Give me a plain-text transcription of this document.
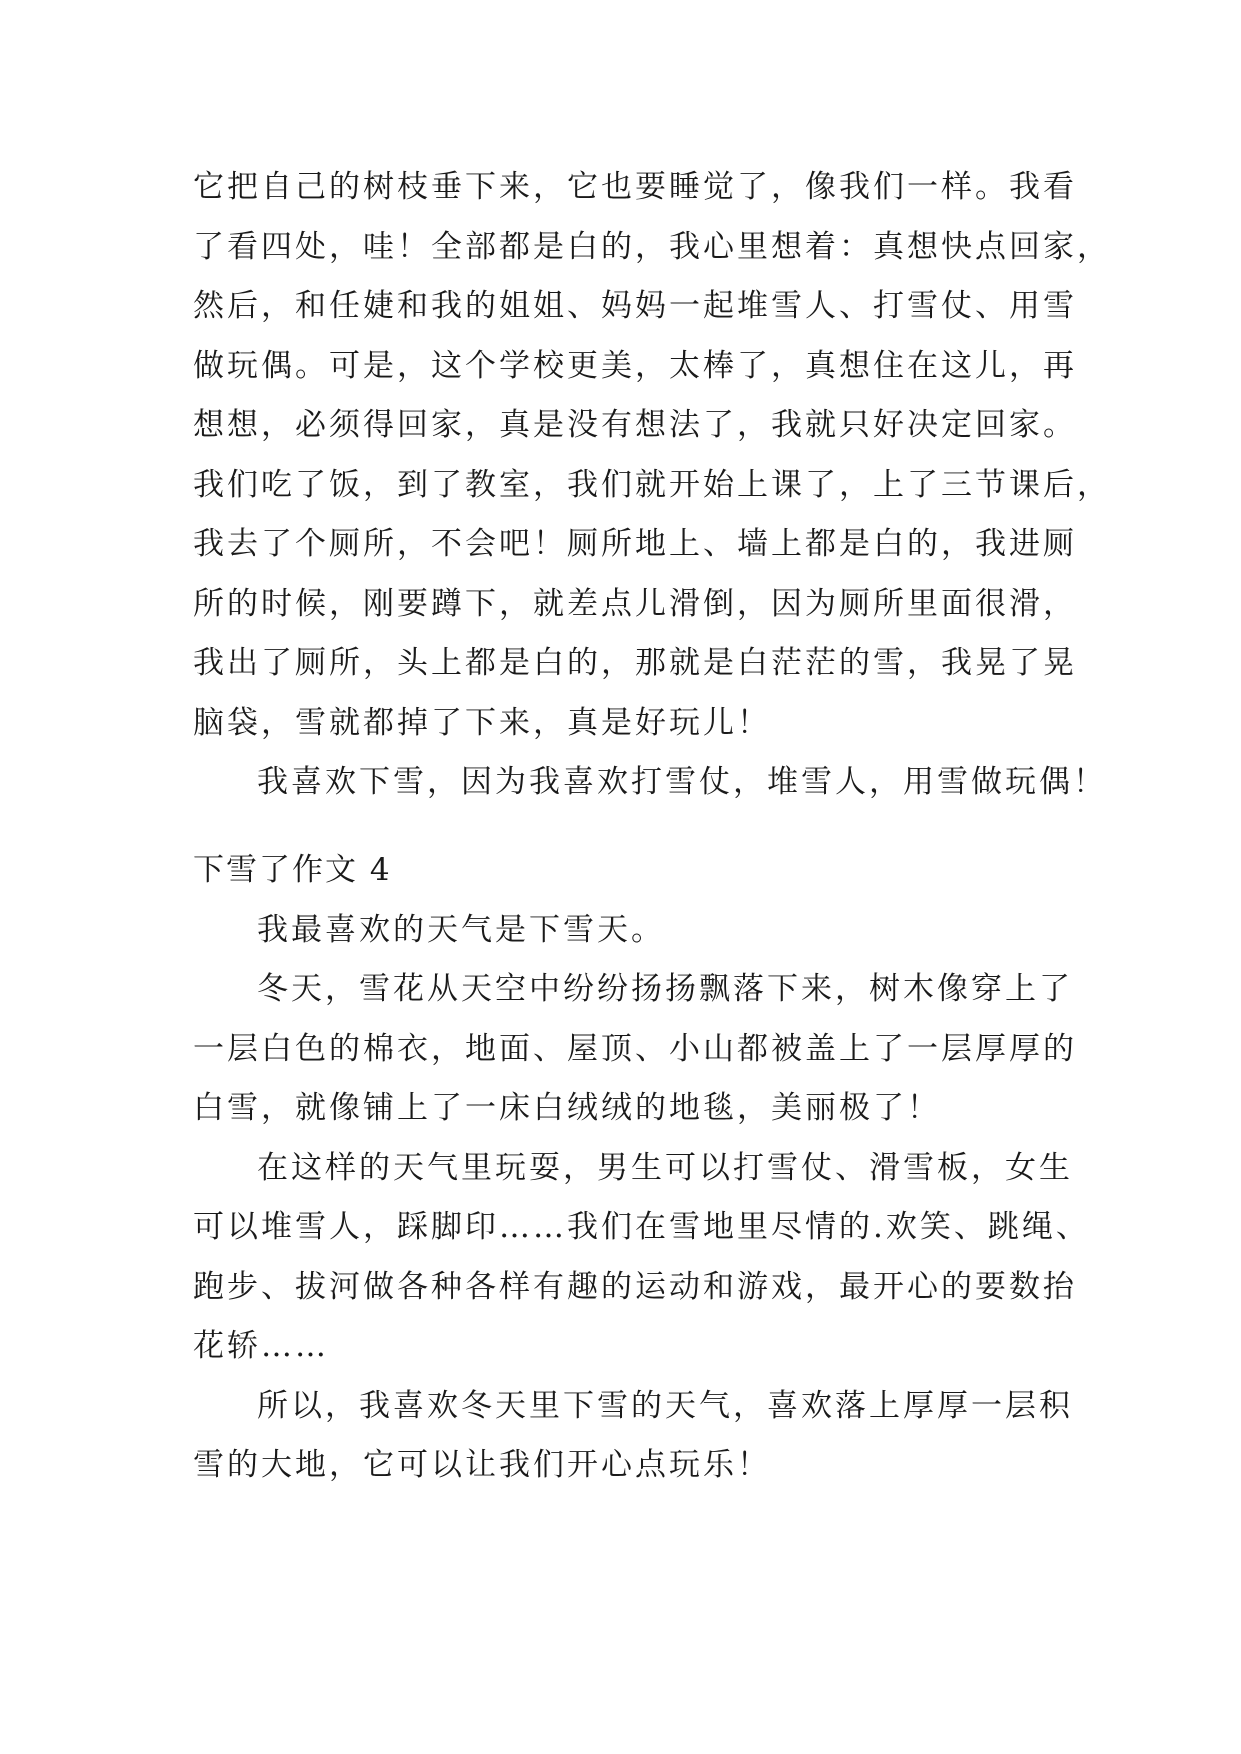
它把自己的树枝垂下来，它也要睡觉了，像我们一样。我看
了看四处，哇！全部都是白的，我心里想着：真想快点回家，
然后，和任婕和我的姐姐、妈妈一起堆雪人、打雪仗、用雪
做玩偶。可是，这个学校更美，太棒了，真想住在这儿，再
想想，必须得回家，真是没有想法了，我就只好决定回家。
我们吃了饭，到了教室，我们就开始上课了，上了三节课后，
我去了个厕所，不会吧！厕所地上、墙上都是白的，我进厕
所的时候，刚要蹲下，就差点儿滑倒，因为厕所里面很滑，
我出了厕所，头上都是白的，那就是白茫茫的雪，我晃了晃
脑袋，雪就都掉了下来，真是好玩儿！
我喜欢下雪，因为我喜欢打雪仗，堆雪人，用雪做玩偶！
下雪了作文 4
我最喜欢的天气是下雪天。
冬天，雪花从天空中纷纷扬扬飘落下来，树木像穿上了
一层白色的棉衣，地面、屋顶、小山都被盖上了一层厚厚的
白雪，就像铺上了一床白绒绒的地毯，美丽极了！
在这样的天气里玩耍，男生可以打雪仗、滑雪板，女生
可以堆雪人，踩脚印……我们在雪地里尽情的.欢笑、跳绳、
跑步、拔河做各种各样有趣的运动和游戏，最开心的要数抬
花轿……
所以，我喜欢冬天里下雪的天气，喜欢落上厚厚一层积
雪的大地，它可以让我们开心点玩乐！
